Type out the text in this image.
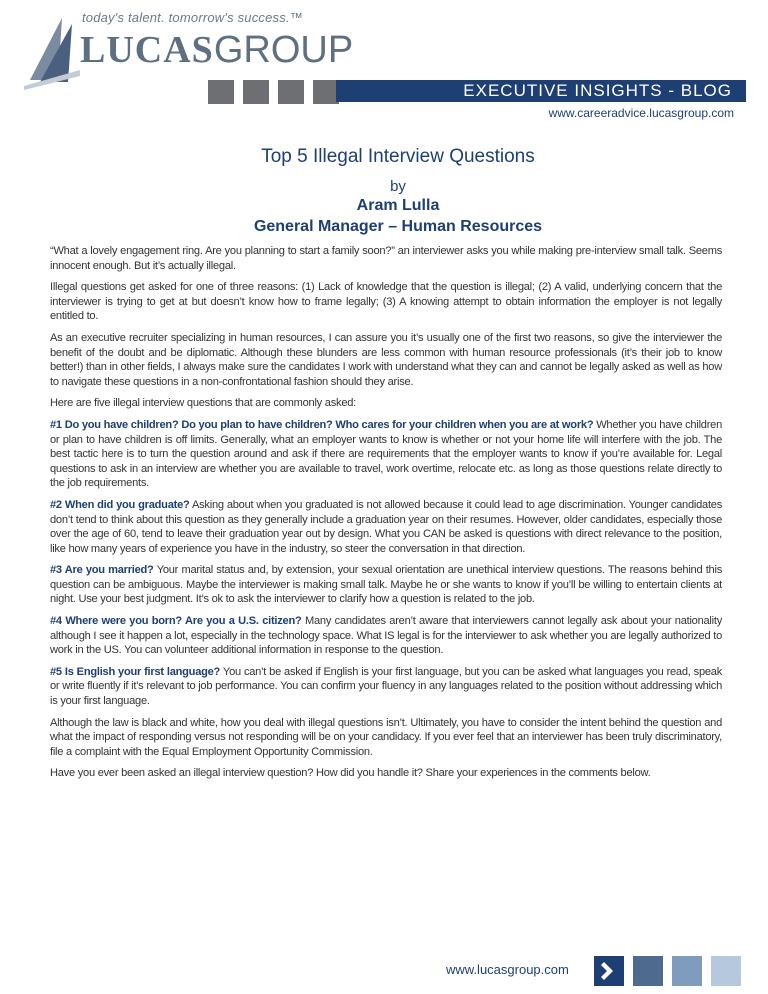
today's talent. tomorrow's success.™
LUCASGROUP
EXECUTIVE INSIGHTS - BLOG
www.careeradvice.lucasgroup.com
Top 5 Illegal Interview Questions
by
Aram Lulla
General Manager – Human Resources

“What a lovely engagement ring. Are you planning to start a family soon?” an interviewer asks you while making pre-interview small talk. Seems innocent enough. But it’s actually illegal.

Illegal questions get asked for one of three reasons: (1) Lack of knowledge that the question is illegal; (2) A valid, underlying concern that the interviewer is trying to get at but doesn’t know how to frame legally; (3) A knowing attempt to obtain information the employer is not legally entitled to.

As an executive recruiter specializing in human resources, I can assure you it’s usually one of the first two reasons, so give the interviewer the benefit of the doubt and be diplomatic. Although these blunders are less common with human resource professionals (it’s their job to know better!) than in other fields, I always make sure the candidates I work with understand what they can and cannot be legally asked as well as how to navigate these questions in a non-confrontational fashion should they arise.

Here are five illegal interview questions that are commonly asked:

#1 Do you have children? Do you plan to have children? Who cares for your children when you are at work? Whether you have children or plan to have children is off limits. Generally, what an employer wants to know is whether or not your home life will interfere with the job. The best tactic here is to turn the question around and ask if there are requirements that the employer wants to know if you’re available for. Legal questions to ask in an interview are whether you are available to travel, work overtime, relocate etc. as long as those questions relate directly to the job requirements.

#2 When did you graduate? Asking about when you graduated is not allowed because it could lead to age discrimination. Younger candidates don’t tend to think about this question as they generally include a graduation year on their resumes. However, older candidates, especially those over the age of 60, tend to leave their graduation year out by design. What you CAN be asked is questions with direct relevance to the position, like how many years of experience you have in the industry, so steer the conversation in that direction.

#3 Are you married? Your marital status and, by extension, your sexual orientation are unethical interview questions. The reasons behind this question can be ambiguous. Maybe the interviewer is making small talk. Maybe he or she wants to know if you’ll be willing to entertain clients at night. Use your best judgment. It’s ok to ask the interviewer to clarify how a question is related to the job.

#4 Where were you born? Are you a U.S. citizen? Many candidates aren’t aware that interviewers cannot legally ask about your nationality although I see it happen a lot, especially in the technology space. What IS legal is for the interviewer to ask whether you are legally authorized to work in the US. You can volunteer additional information in response to the question.

#5 Is English your first language? You can’t be asked if English is your first language, but you can be asked what languages you read, speak or write fluently if it’s relevant to job performance. You can confirm your fluency in any languages related to the position without addressing which is your first language.

Although the law is black and white, how you deal with illegal questions isn’t. Ultimately, you have to consider the intent behind the question and what the impact of responding versus not responding will be on your candidacy. If you ever feel that an interviewer has been truly discriminatory, file a complaint with the Equal Employment Opportunity Commission.

Have you ever been asked an illegal interview question? How did you handle it? Share your experiences in the comments below.

www.lucasgroup.com
